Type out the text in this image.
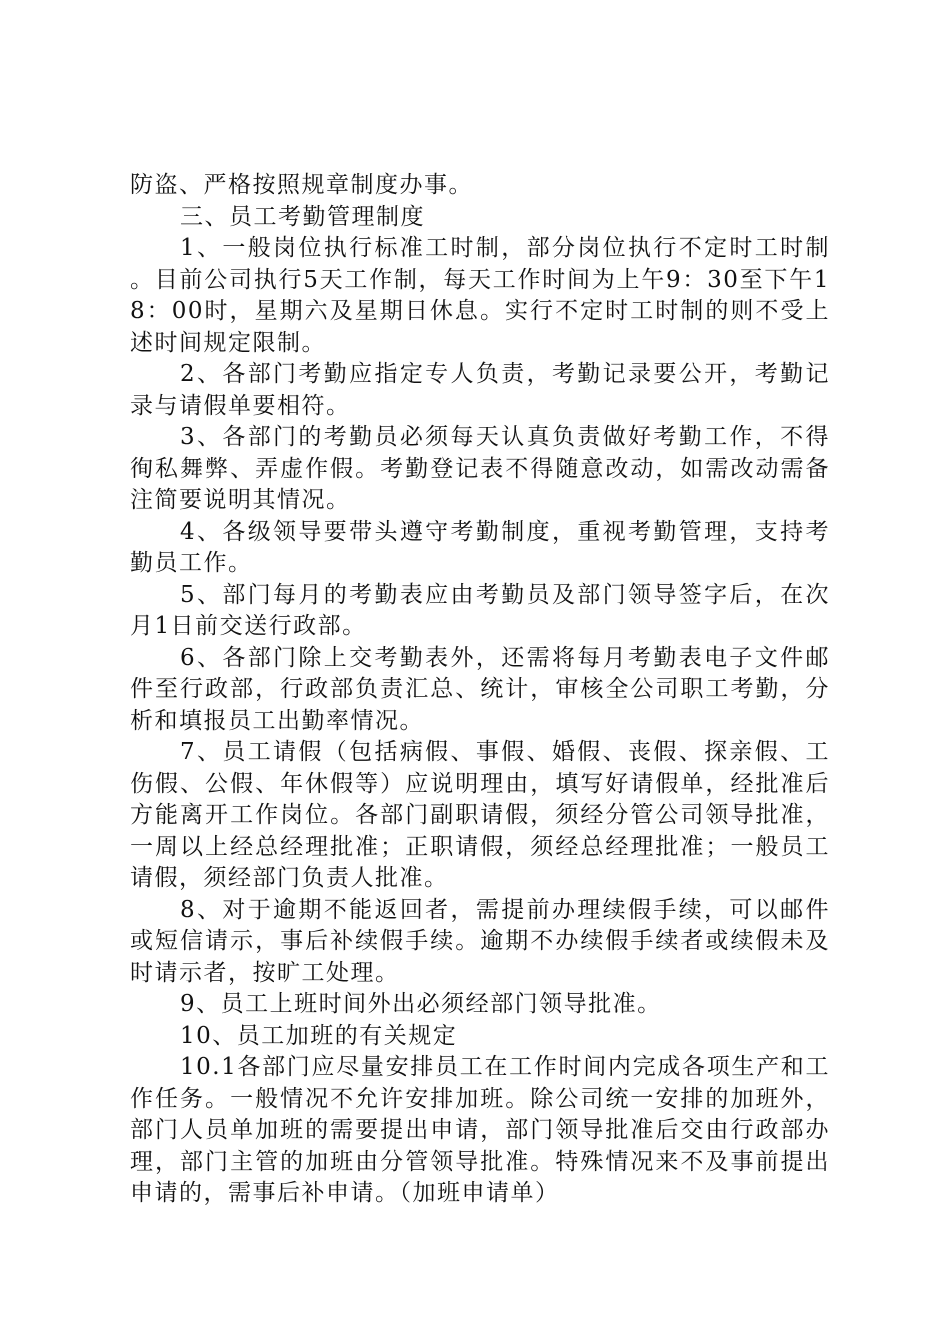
防盗、严格按照规章制度办事。

三、员工考勤管理制度

1、一般岗位执行标准工时制，部分岗位执行不定时工时制。目前公司执行5天工作制，每天工作时间为上午9：30至下午18：00时，星期六及星期日休息。实行不定时工时制的则不受上述时间规定限制。

2、各部门考勤应指定专人负责，考勤记录要公开，考勤记录与请假单要相符。

3、各部门的考勤员必须每天认真负责做好考勤工作，不得徇私舞弊、弄虚作假。考勤登记表不得随意改动，如需改动需备注简要说明其情况。

4、各级领导要带头遵守考勤制度，重视考勤管理，支持考勤员工作。

5、部门每月的考勤表应由考勤员及部门领导签字后，在次月1日前交送行政部。

6、各部门除上交考勤表外，还需将每月考勤表电子文件邮件至行政部，行政部负责汇总、统计，审核全公司职工考勤，分析和填报员工出勤率情况。

7、员工请假（包括病假、事假、婚假、丧假、探亲假、工伤假、公假、年休假等）应说明理由，填写好请假单，经批准后方能离开工作岗位。各部门副职请假，须经分管公司领导批准，一周以上经总经理批准；正职请假，须经总经理批准；一般员工请假，须经部门负责人批准。

8、对于逾期不能返回者，需提前办理续假手续，可以邮件或短信请示，事后补续假手续。逾期不办续假手续者或续假未及时请示者，按旷工处理。

9、员工上班时间外出必须经部门领导批准。

10、员工加班的有关规定

10.1各部门应尽量安排员工在工作时间内完成各项生产和工作任务。一般情况不允许安排加班。除公司统一安排的加班外，部门人员单加班的需要提出申请，部门领导批准后交由行政部办理，部门主管的加班由分管领导批准。特殊情况来不及事前提出申请的，需事后补申请。（加班申请单）
